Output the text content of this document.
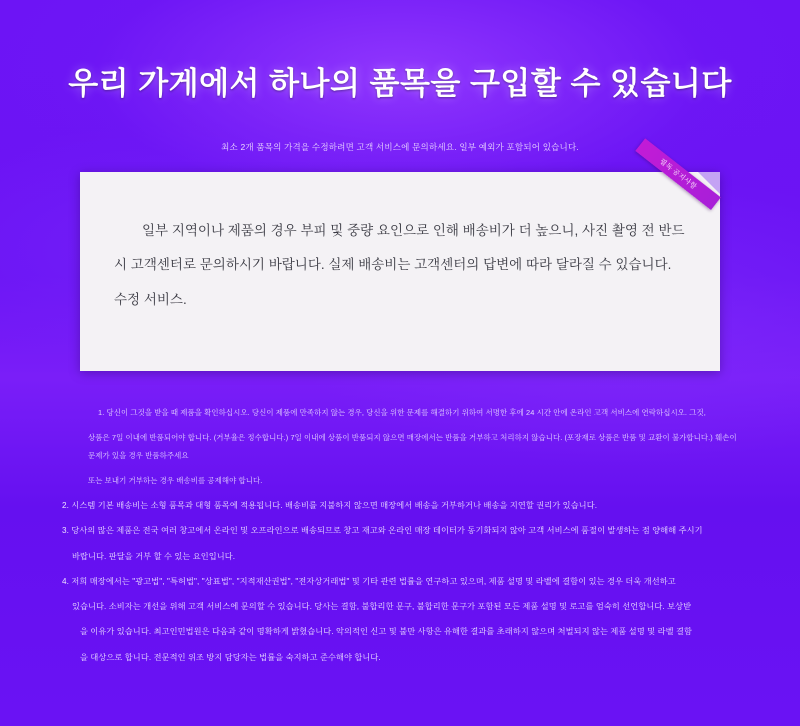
우리 가게에서 하나의 품목을 구입할 수 있습니다
최소 2개 품목의 가격을 수정하려면 고객 서비스에 문의하세요. 일부 예외가 포함되어 있습니다.
필독 공지사항
일부 지역이나 제품의 경우 부피 및 중량 요인으로 인해 배송비가 더 높으니, 사진 촬영 전 반드시 고객센터로 문의하시기 바랍니다. 실제 배송비는 고객센터의 답변에 따라 달라질 수 있습니다. 수정 서비스.

1. 당신이 그것을 받을 때 제품을 확인하십시오. 당신이 제품에 만족하지 않는 경우, 당신을 위한 문제를 해결하기 위하여 서명한 후에 24 시간 안에 온라인 고객 서비스에 연락하십시오. 그것,

상품은 7일 이내에 반품되어야 합니다. (거부율은 정수합니다.) 7일 이내에 상품이 반품되지 않으면 매장에서는 반품을 거부하고 처리하지 않습니다. (포장재로 상품은 반품 및 교환이 불가합니다.) 훼손이 문제가 있을 경우 반품하주세요

또는 보내기 거부하는 경우 배송비를 공제해야 합니다.

2. 시스템 기본 배송비는 소형 품목과 대형 품목에 적용됩니다. 배송비를 지불하지 않으면 매장에서 배송을 거부하거나 배송을 지연할 권리가 있습니다.

3. 당사의 많은 제품은 전국 여러 창고에서 온라인 및 오프라인으로 배송되므로 창고 재고와 온라인 매장 데이터가 동기화되지 않아 고객 서비스에 품절이 발생하는 점 양해해 주시기

바랍니다. 판달을 거부 할 수 있는 요인입니다.

4. 저희 매장에서는 "광고법", "특허법", "상표법", "지적재산권법", "전자상거래법" 및 기타 관련 법률을 연구하고 있으며, 제품 설명 및 라벨에 결함이 있는 경우 더욱 개선하고

있습니다. 소비자는 개선을 위해 고객 서비스에 문의할 수 있습니다. 당사는 결함, 불합리한 문구, 불합리한 문구가 포함된 모든 제품 설명 및 로고를 엄숙히 선언합니다. 보상받

을 이유가 있습니다. 최고인민법원은 다음과 같이 명확하게 밝혔습니다. 악의적인 신고 및 불만 사항은 유해한 결과를 초래하지 않으며 처벌되지 않는 제품 설명 및 라벨 결함

을 대상으로 합니다. 전문적인 위조 방지 담당자는 법률을 숙지하고 준수해야 합니다.
